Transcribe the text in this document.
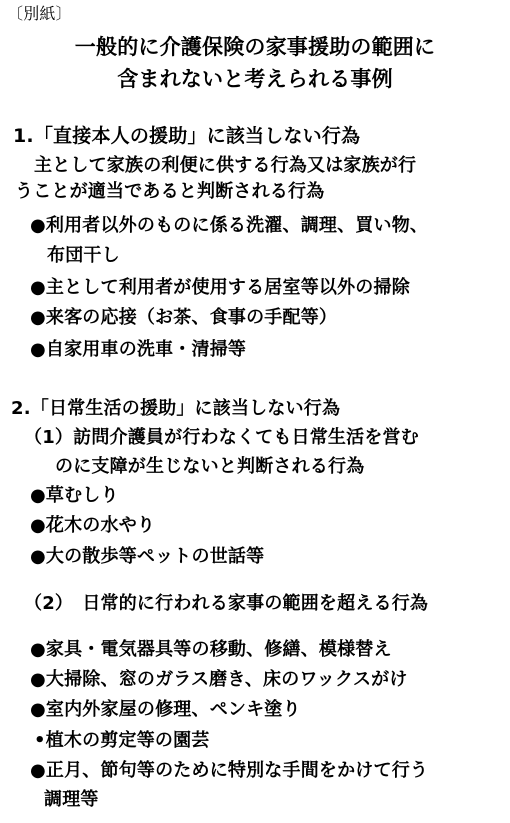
〔別紙〕
一般的に介護保険の家事援助の範囲に
含まれないと考えられる事例
1.「直接本人の援助」に該当しない行為
主として家族の利便に供する行為又は家族が行
うことが適当であると判断される行為
●利用者以外のものに係る洗濯、調理、買い物、
布団干し
●主として利用者が使用する居室等以外の掃除
●来客の応接（お茶、食事の手配等）
●自家用車の洗車・清掃等
2.「日常生活の援助」に該当しない行為
（1）訪問介護員が行わなくても日常生活を営む
のに支障が生じないと判断される行為
●草むしり
●花木の水やり
●大の散歩等ペットの世話等
（2）　日常的に行われる家事の範囲を超える行為
●家具・電気器具等の移動、修繕、模様替え
●大掃除、窓のガラス磨き、床のワックスがけ
●室内外家屋の修理、ペンキ塗り
•植木の剪定等の園芸
●正月、節句等のために特別な手間をかけて行う
調理等
